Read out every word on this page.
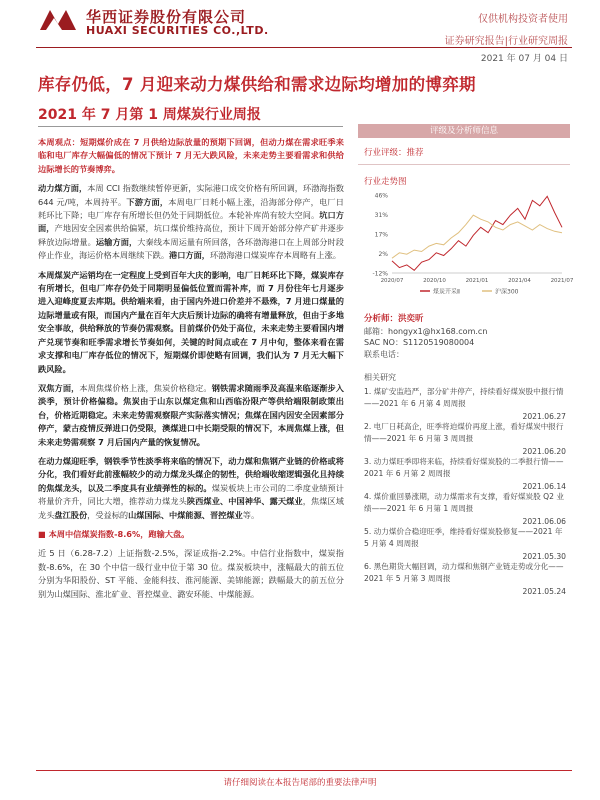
华西证券股份有限公司
HUAXI SECURITIES CO.,LTD.
仅供机构投资者使用
证券研究报告|行业研究周报
2021 年 07 月 04 日
库存仍低，7 月迎来动力煤供给和需求边际均增加的博弈期
2021 年 7 月第 1 周煤炭行业周报

本周观点：短期煤价成在 7 月供给边际放量的预期下回调，但动力煤在需求旺季来临和电厂库存大幅偏低的情况下预计 7 月无大跌风险，未来走势主要看需求和供给边际增长的节奏博弈。

动力煤方面，本周 CCI 指数继续暂停更新，实际港口成交价格有所回调，环渤海指数 644 元/吨，本周持平。下游方面，本周电厂日耗小幅上涨，沿海部分停产，电厂日耗环比下降；电厂库存有所增长但仍处于同期低位。本轮补库尚有较大空间。坑口方面，产地因安全因素供给偏紧，坑口煤价维持高位，预计下周开始部分停产矿井逐步释放边际增量。运输方面，大秦线本周运量有所回落，各环渤海港口在上周部分时段停止作业，海运价格本周继续下跌。港口方面，环渤海港口煤炭库存本周略有上涨。

本周煤炭产运销均在一定程度上受到百年大庆的影响，电厂日耗环比下降，煤炭库存有所增长，但电厂库存仍处于同期明显偏低位置而需补库，而 7 月份往年七月逐步进入迎峰度夏去库期。供给端来看，由于国内外进口价差并不悬殊，7 月进口煤量的边际增量或有限，而国内产量在百年大庆后预计边际的确将有增量释放，但由于多地安全事故，供给释放的节奏仍需观察。目前煤价仍处于高位，未来走势主要看国内增产兑现节奏和旺季需求增长节奏如何，关键的时间点或在 7 月中旬，整体来看在需求支撑和电厂库存低位的情况下，短期煤价即使略有回调，我们认为 7 月无大幅下跌风险。

双焦方面，本周焦煤价格上涨，焦炭价格稳定。钢铁需求随雨季及高温来临逐渐步入淡季，预计价格偏稳。焦炭由于山东以煤定焦和山西临汾限产等供给端限制政策出台，价格近期稳定。未来走势需观察限产实际落实情况；焦煤在国内因安全因素部分停产，蒙古疫情反弹进口仍受限，澳煤进口中长期受限的情况下，本周焦煤上涨，但未来走势需观察 7 月后国内产量的恢复情况。

在动力煤迎旺季，钢铁季节性淡季将来临的情况下，动力煤和焦钢产业链的价格或将分化，我们看好此前涨幅较少的动力煤龙头煤企的韧性，供给端收缩逻辑强化且持续的焦煤龙头，以及二季度具有业绩弹性的标的。煤炭板块上市公司的二季度业绩预计将量价齐升，同比大增，推荐动力煤龙头陕西煤业、中国神华、露天煤业，焦煤区域龙头盘江股份，受益标的山煤国际、中煤能源、晋控煤业等。

■ 本周中信煤炭指数-8.6%，跑输大盘。

近 5 日（6.28-7.2）上证指数-2.5%，深证成指-2.2%。中信行业指数中，煤炭指数-8.6%，在 30 个中信一级行业中位于第 30 位。煤炭板块中，涨幅最大的前五位分别为华阳股份、ST 平能、金能科技、淮河能源、美锦能源；跌幅最大的前五位分别为山煤国际、淮北矿业、晋控煤业、潞安环能、中煤能源。

评级及分析师信息
行业评级：推荐
行业走势图
-12%
2%
17%
31%
46%
2020/07	2020/10	2021/01	2021/04	2021/07
煤炭开采Ⅱ	沪深300
分析师：洪奕昕
邮箱：hongyx1@hx168.com.cn
SAC NO：S1120519080004
联系电话：
相关研究
1. 煤矿安监趋严，部分矿井停产，持续看好煤炭股中报行情——2021 年 6 月第 4 周周报
2021.06.27
2. 电厂日耗高企，旺季将迫煤价再度上涨，看好煤炭中报行情——2021 年 6 月第 3 周周报
2021.06.20
3. 动力煤旺季即将来临，持续看好煤炭股的二季报行情——2021 年 6 月第 2 周周报
2021.06.14
4. 煤价重回暴涨期，动力煤需求有支撑，看好煤炭股 Q2 业绩——2021 年 6 月第 1 周周报
2021.06.06
5. 动力煤价合稳迎旺季，维持看好煤炭股修复——2021 年 5 月第 4 周周报
2021.05.30
6. 黑色期货大幅回调，动力煤和焦钢产业链走势或分化——2021 年 5 月第 3 周周报
2021.05.24
请仔细阅读在本报告尾部的重要法律声明
